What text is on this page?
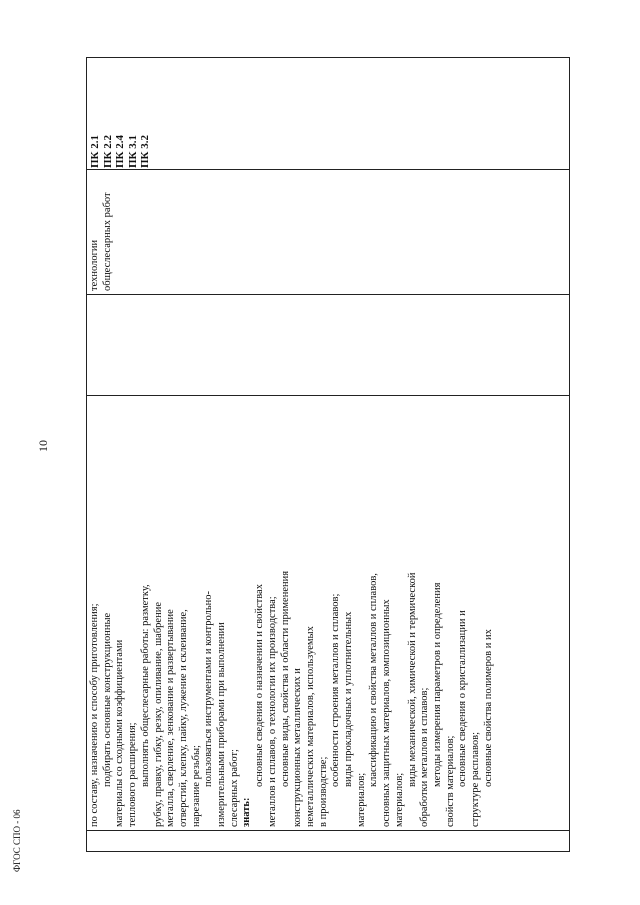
10
ФГОС СПО - 06

по составу, назначению и способу приготовления; подбирать основные конструкционные материалы со сходными коэффициентами теплового расширения; выполнять общеслесарные работы: разметку, рубку, правку, гибку, резку, опиливание, шабрение металла, сверление, зенкование и развертывание отверстий, клепку, пайку, лужение и склеивание, нарезание резьбы; пользоваться инструментами и контрольно- измерительными приборами при выполнении слесарных работ; знать:

основные сведения о назначении и свойствах металлов и сплавов, о технологии их производства; основные виды, свойства и области применения конструкционных металлических и неметаллических материалов, используемых в производстве;

особенности строения металлов и сплавов; виды прокладочных и уплотнительных

материалов;

классификацию и свойства металлов и сплавов, основных защитных материалов, композиционных материалов;

виды механической, химической и термической обработки металлов и сплавов; методы измерения параметров и определения свойств материалов; основные сведения о кристаллизации и структуре расплавов; основные свойства полимеров и их

технологии общеслесарных работ
ПК 2.1 ПК 2.2 ПК 2.4 ПК 3.1 ПК 3.2
